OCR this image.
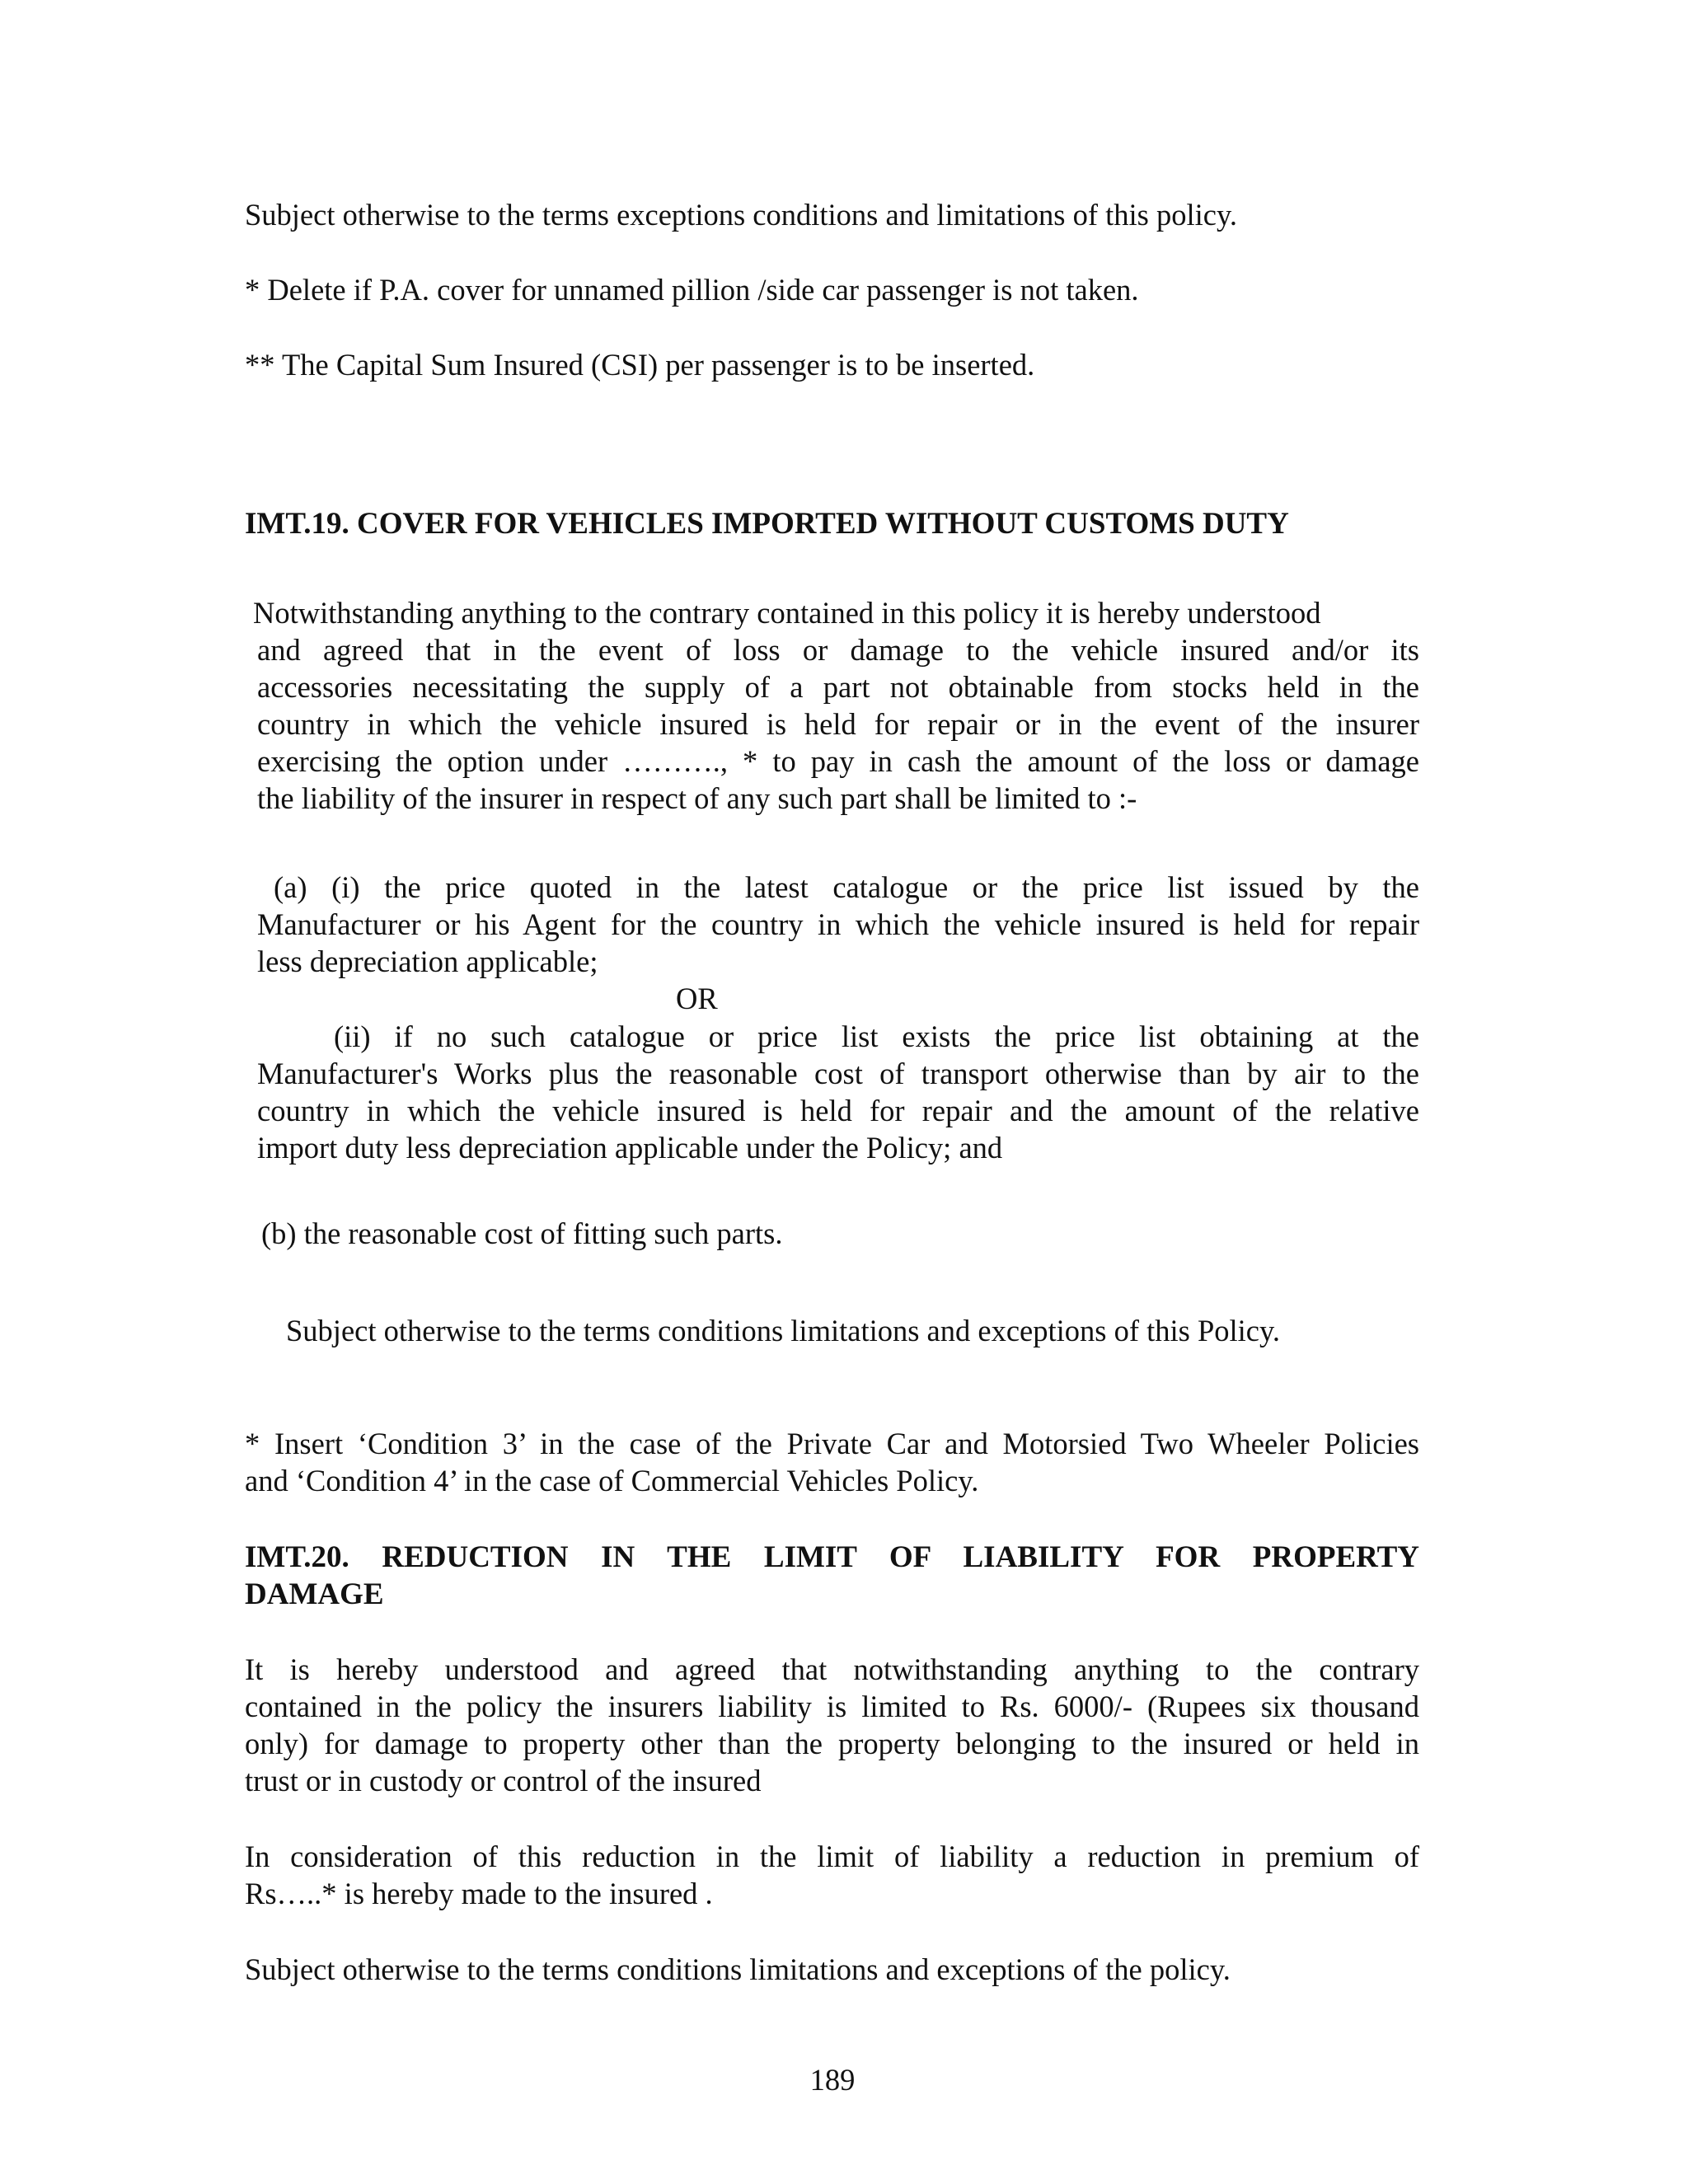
Subject otherwise to the terms exceptions conditions and limitations of this policy.
* Delete if P.A. cover for unnamed pillion /side car passenger is not taken.
** The Capital Sum Insured (CSI) per passenger is to be inserted.
IMT.19. COVER FOR VEHICLES IMPORTED WITHOUT CUSTOMS DUTY
Notwithstanding anything to the contrary contained in this policy it is hereby understood
and agreed that in the event of loss or damage to the vehicle insured and/or its
accessories necessitating the supply of a part not obtainable from stocks held in the
country in which the vehicle insured is held for repair or in the event of the insurer
exercising the option under ………., * to pay in cash the amount of the loss or damage
the liability of the insurer in respect of any such part shall be limited to :-
(a) (i) the price quoted in the latest catalogue or the price list issued by the
Manufacturer or his Agent for the country in which the vehicle insured is held for repair
less depreciation applicable;
OR
(ii) if no such catalogue or price list exists the price list obtaining at the
Manufacturer's Works plus the reasonable cost of transport otherwise than by air to the
country in which the vehicle insured is held for repair and the amount of the relative
import duty less depreciation applicable under the Policy; and
(b) the reasonable cost of fitting such parts.
Subject otherwise to the terms conditions limitations and exceptions of this Policy.
* Insert ‘Condition 3’ in the case of the Private Car and Motorsied Two Wheeler Policies
and ‘Condition 4’ in the case of Commercial Vehicles Policy.
IMT.20. REDUCTION IN THE LIMIT OF LIABILITY FOR PROPERTY
DAMAGE
It is hereby understood and agreed that notwithstanding anything to the contrary
contained in the policy the insurers liability is limited to Rs. 6000/- (Rupees six thousand
only) for damage to property other than the property belonging to the insured or held in
trust or in custody or control of the insured
In consideration of this reduction in the limit of liability a reduction in premium of
Rs…..* is hereby made to the insured .
Subject otherwise to the terms conditions limitations and exceptions of the policy.
189
